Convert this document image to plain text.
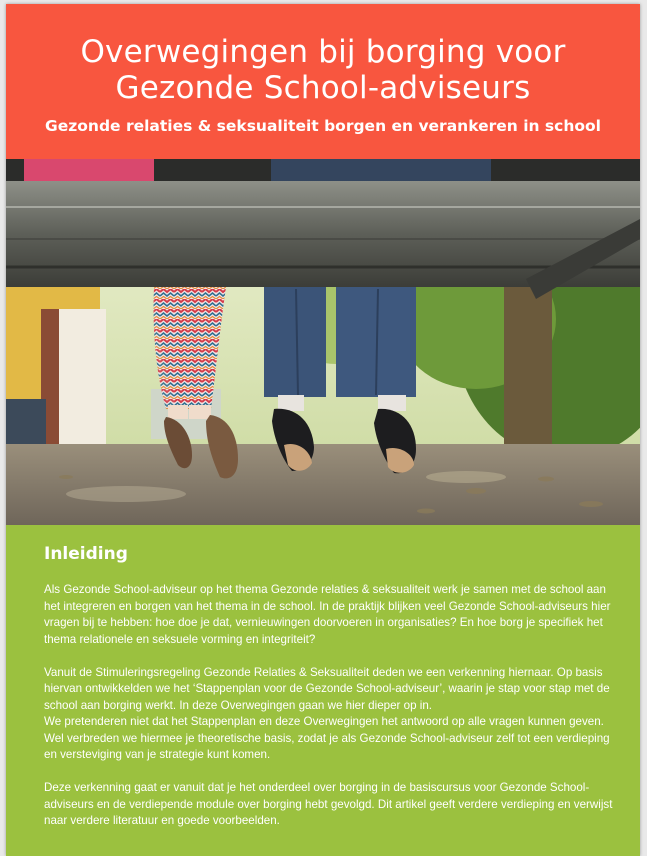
Overwegingen bij borging voor
Gezonde School-adviseurs
Gezonde relaties & seksualiteit borgen en verankeren in school
Inleiding

Als Gezonde School-adviseur op het thema Gezonde relaties & seksualiteit werk je samen met de school aan het integreren en borgen van het thema in de school. In de praktijk blijken veel Gezonde School-adviseurs hier vragen bij te hebben: hoe doe je dat, vernieuwingen doorvoeren in organisaties? En hoe borg je specifiek het thema relationele en seksuele vorming en integriteit?

Vanuit de Stimuleringsregeling Gezonde Relaties & Seksualiteit deden we een verkenning hiernaar. Op basis hiervan ontwikkelden we het ‘Stappenplan voor de Gezonde School-adviseur’, waarin je stap voor stap met de school aan borging werkt. In deze Overwegingen gaan we hier dieper op in.

We pretenderen niet dat het Stappenplan en deze Overwegingen het antwoord op alle vragen kunnen geven. Wel verbreden we hiermee je theoretische basis, zodat je als Gezonde School-adviseur zelf tot een verdieping en versteviging van je strategie kunt komen.

Deze verkenning gaat er vanuit dat je het onderdeel over borging in de basiscursus voor Gezonde School-adviseurs en de verdiepende module over borging hebt gevolgd. Dit artikel geeft verdere verdieping en verwijst naar verdere literatuur en goede voorbeelden.
